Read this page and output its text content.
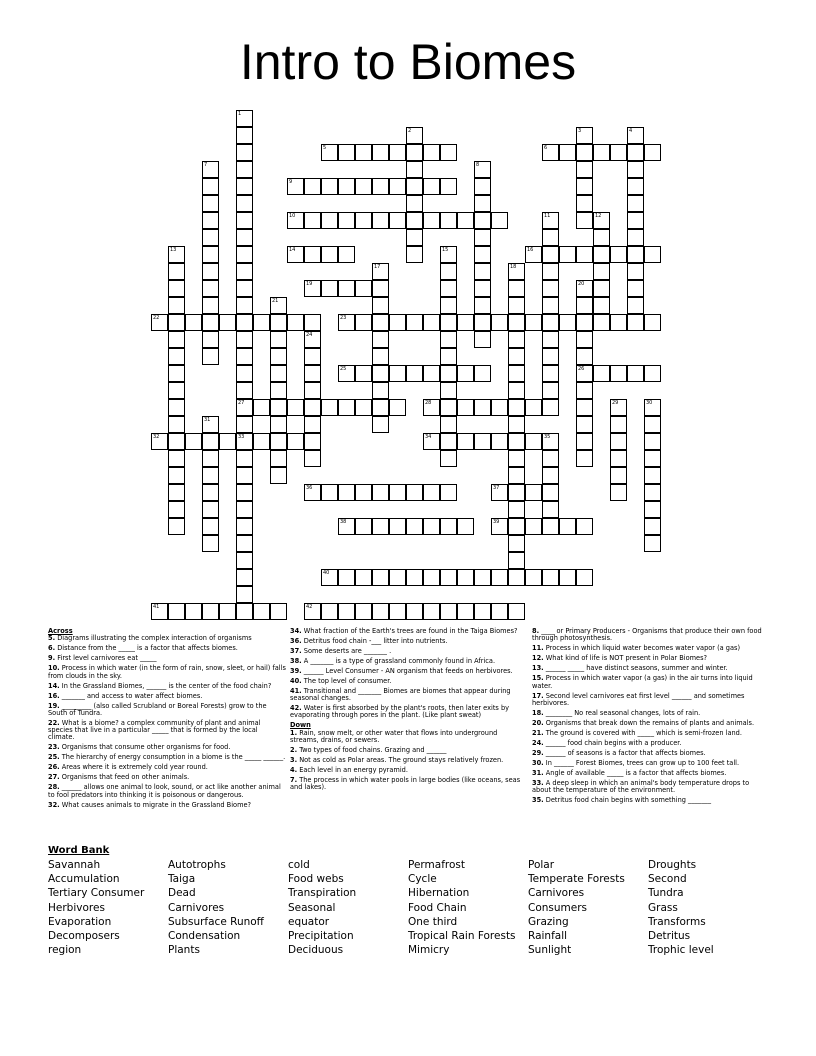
Intro to Biomes
1
27
33
2	3	4
5	6
7	8
9
10	11	12
13	14	15	16
17	18
19	20
26
21
22	23
24
25
28	29	30
31
32	34	35
36	37
38	39
40
41	42
Across
5. Diagrams illustrating the complex interaction of organisms
6. Distance from the _____ is a factor that affects biomes.
9. First level carnivores eat _____
10. Process in which water (in the form of rain, snow, sleet, or hail) falls from clouds in the sky.
14. In the Grassland Biomes, ______ is the center of the food chain?
16. _______ and access to water affect biomes.
19. _________ (also called Scrubland or Boreal Forests) grow to the South of Tundra.
22. What is a biome? a complex community of plant and animal species that live in a particular _____ that is formed by the local climate.
23. Organisms that consume other organisms for food.
25. The hierarchy of energy consumption in a biome is the _____ ______.
26. Areas where it is extremely cold year round.
27. Organisms that feed on other animals.
28. ______ allows one animal to look, sound, or act like another animal to fool predators into thinking it is poisonous or dangerous.
32. What causes animals to migrate in the Grassland Biome?
34. What fraction of the Earth's trees are found in the Taiga Biomes?
36. Detritus food chain -___ litter into nutrients.
37. Some deserts are _______ .
38. A _______ is a type of grassland commonly found in Africa.
39. ______ Level Consumer - AN organism that feeds on herbivores.
40. The top level of consumer.
41. Transitional and _______ Biomes are biomes that appear during seasonal changes.
42. Water is first absorbed by the plant's roots, then later exits by evaporating through pores in the plant. (Like plant sweat)
Down
1. Rain, snow melt, or other water that flows into underground streams, drains, or sewers.
2. Two types of food chains. Grazing and ______
3. Not as cold as Polar areas. The ground stays relatively frozen.
4. Each level in an energy pyramid.
7. The process in which water pools in large bodies (like oceans, seas and lakes).
8. ____ or Primary Producers - Organisms that produce their own food through photosynthesis.
11. Process in which liquid water becomes water vapor (a gas)
12. What kind of life is NOT present in Polar Biomes?
13. ______ _____ have distinct seasons, summer and winter.
15. Process in which water vapor (a gas) in the air turns into liquid water.
17. Second level carnivores eat first level ______ and sometimes herbivores.
18. ________ No real seasonal changes, lots of rain.
20. Organisms that break down the remains of plants and animals.
21. The ground is covered with _____ which is semi-frozen land.
24. ______ food chain begins with a producer.
29. ______ of seasons is a factor that affects biomes.
30. In ______ Forest Biomes, trees can grow up to 100 feet tall.
31. Angle of available _____ is a factor that affects biomes.
33. A deep sleep in which an animal's body temperature drops to about the temperature of the environment.
35. Detritus food chain begins with something _______
Word Bank
Savannah
Accumulation
Tertiary Consumer
Herbivores
Evaporation
Decomposers
region
Autotrophs
Taiga
Dead
Carnivores
Subsurface Runoff
Condensation
Plants
cold
Food webs
Transpiration
Seasonal
equator
Precipitation
Deciduous
Permafrost
Cycle
Hibernation
Food Chain
One third
Tropical Rain Forests
Mimicry
Polar
Temperate Forests
Carnivores
Consumers
Grazing
Rainfall
Sunlight
Droughts
Second
Tundra
Grass
Transforms
Detritus
Trophic level
